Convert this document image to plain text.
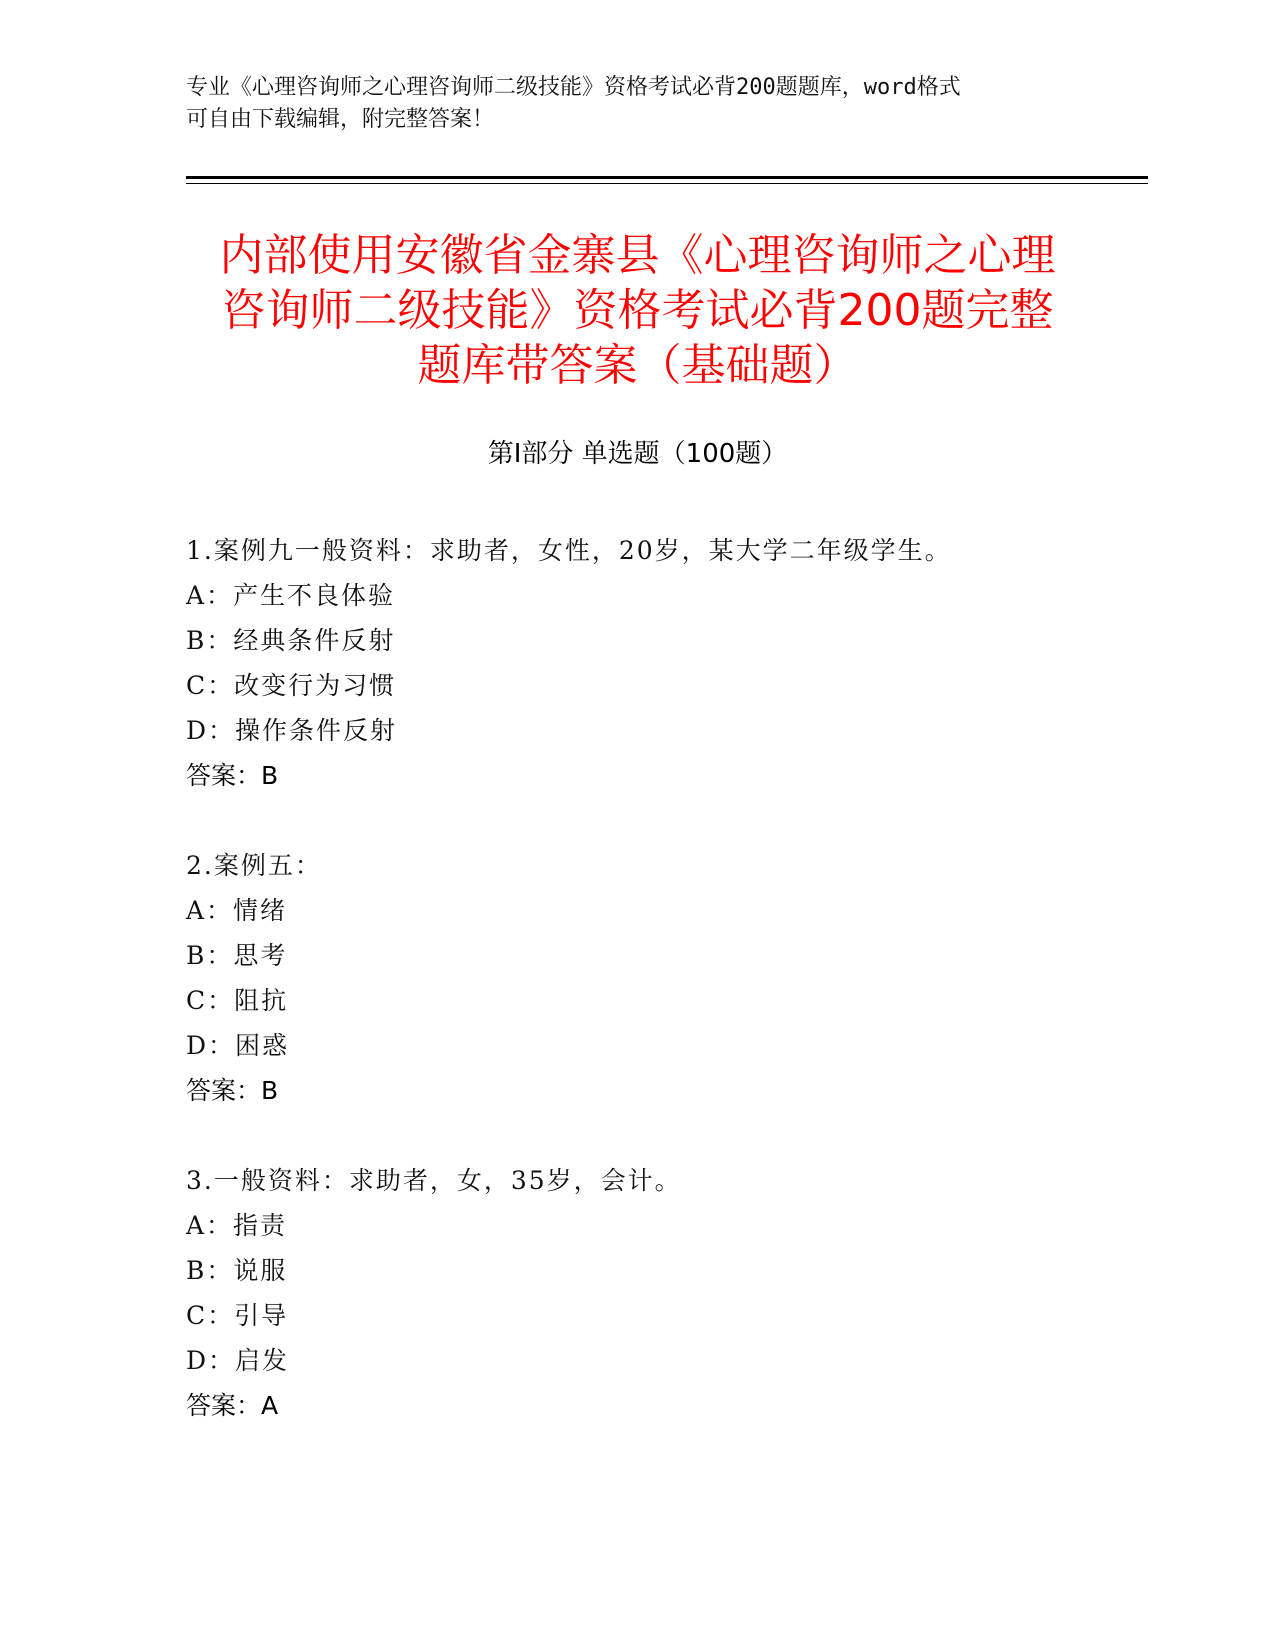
专业《心理咨询师之心理咨询师二级技能》资格考试必背200题题库，word格式
可自由下载编辑，附完整答案！
内部使用安徽省金寨县《心理咨询师之心理
咨询师二级技能》资格考试必背200题完整
题库带答案（基础题）
第Ⅰ部分 单选题（100题）
1.案例九一般资料：求助者，女性，20岁，某大学二年级学生。
A：产生不良体验
B：经典条件反射
C：改变行为习惯
D：操作条件反射
答案：B
2.案例五：
A：情绪
B：思考
C：阻抗
D：困惑
答案：B
3.一般资料：求助者，女，35岁，会计。
A：指责
B：说服
C：引导
D：启发
答案：A
